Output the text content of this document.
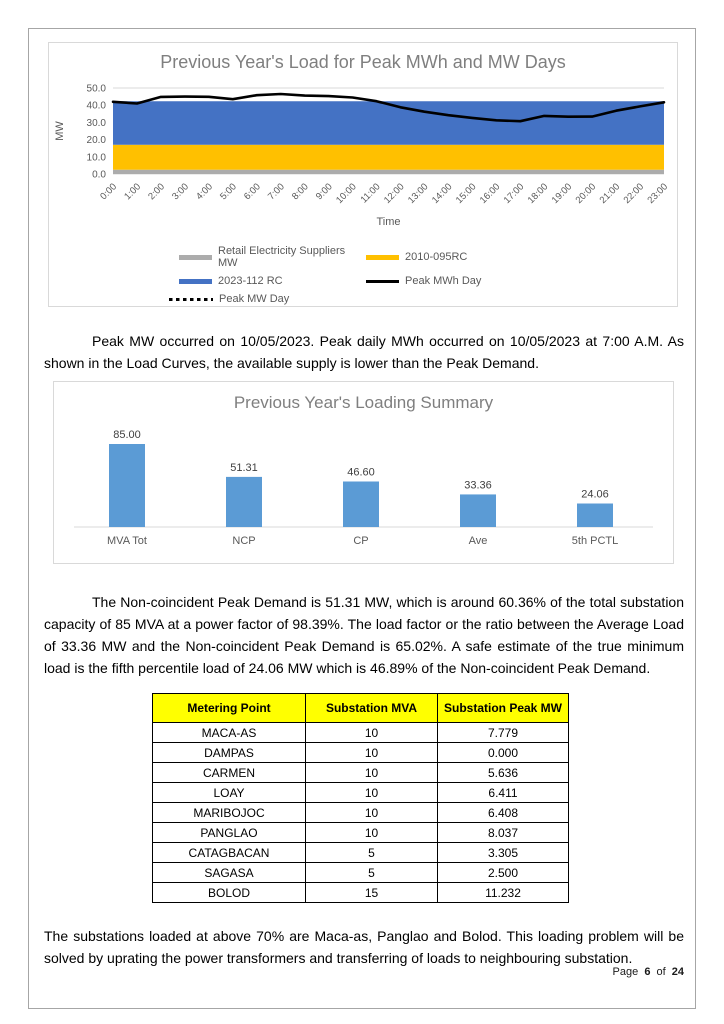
Previous Year's Load for Peak MWh and MW Days
0.0
10.0
20.0
30.0
40.0
50.0
0:00 1:00 2:00 3:00 4:00 5:00 6:00 7:00 8:00 9:00 10:00 11:00 12:00 13:00 14:00 15:00 16:00 17:00 18:00 19:00 20:00 21:00 22:00 23:00
MW
Time
Retail Electricity Suppliers MW	2010-095RC
2023-112 RC	Peak MWh Day
Peak MW Day

Peak MW occurred on 10/05/2023. Peak daily MWh occurred on 10/05/2023 at 7:00 A.M. As shown in the Load Curves, the available supply is lower than the Peak Demand.

Previous Year's Loading Summary
85.00
MVA Tot
51.31
NCP
46.60
CP
33.36
Ave
24.06
5th PCTL

The Non-coincident Peak Demand is 51.31 MW, which is around 60.36% of the total substation capacity of 85 MVA at a power factor of 98.39%. The load factor or the ratio between the Average Load of 33.36 MW and the Non-coincident Peak Demand is 65.02%. A safe estimate of the true minimum load is the fifth percentile load of 24.06 MW which is 46.89% of the Non-coincident Peak Demand.

Metering Point	Substation MVA	Substation Peak MW
MACA-AS	10	7.779
DAMPAS	10	0.000
CARMEN	10	5.636
LOAY	10	6.411
MARIBOJOC	10	6.408
PANGLAO	10	8.037
CATAGBACAN	5	3.305
SAGASA	5	2.500
BOLOD	15	11.232

The substations loaded at above 70% are Maca-as, Panglao and Bolod. This loading problem will be solved by uprating the power transformers and transferring of loads to neighbouring substation.

Page 6 of 24
